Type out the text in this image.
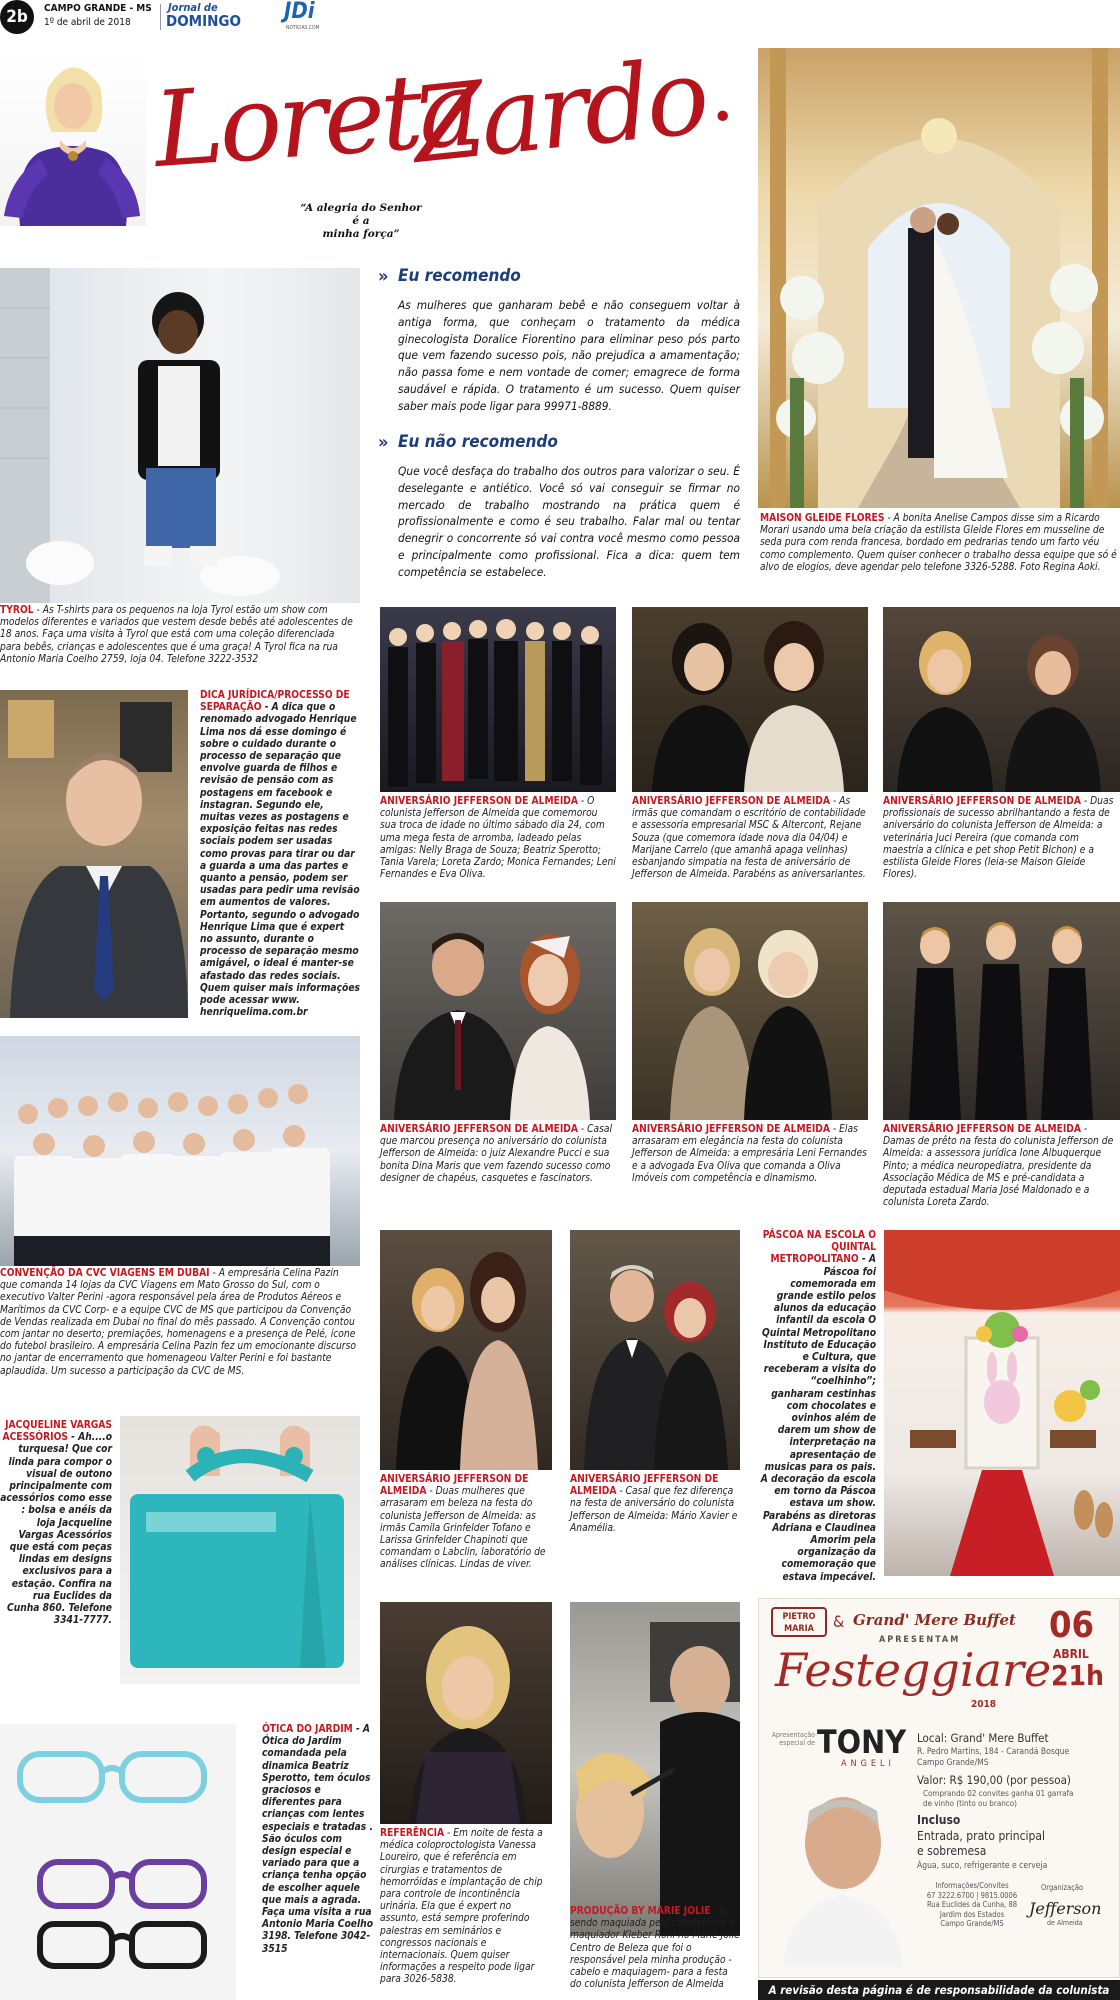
2b	CAMPO GRANDE - MS
1º de abril de 2018
Jornal de
DOMINGO JDi
NOTICIAS.COM
Loreta
Zardo .
“A alegria do Senhor é a
minha força”
» Eu recomendo
As mulheres que ganharam bebê e não conseguem voltar à antiga forma, que conheçam o tratamento da médica ginecologista Doralice Fiorentino para eliminar peso pós parto que vem fazendo sucesso pois, não prejudica a amamentação; não passa fome e nem vontade de comer; emagrece de forma saudável e rápida. O tratamento é um sucesso. Quem quiser saber mais pode ligar para 99971-8889.
» Eu não recomendo
Que você desfaça do trabalho dos outros para valorizar o seu. É deselegante e antiético. Você só vai conseguir se firmar no mercado de trabalho mostrando na prática quem é profissionalmente e como é seu trabalho. Falar mal ou tentar denegrir o concorrente só vai contra você mesmo como pessoa e principalmente como profissional. Fica a dica: quem tem competência se estabelece.
TYROL - As T-shirts para os pequenos na loja Tyrol estão um show com modelos diferentes e variados que vestem desde bebês até adolescentes de 18 anos. Faça uma visita à Tyrol que está com uma coleção diferenciada para bebês, crianças e adolescentes que é uma graça! A Tyrol fica na rua Antonio Maria Coelho 2759, loja 04. Telefone 3222-3532
MAISON GLEIDE FLORES - A bonita Anelise Campos disse sim a Ricardo Morari usando uma bela criação da estilista Gleide Flores em musseline de seda pura com renda francesa, bordado em pedrarias tendo um farto véu como complemento. Quem quiser conhecer o trabalho dessa equipe que só é alvo de elogios, deve agendar pelo telefone 3326-5288. Foto Regina Aoki.
DICA JURÍDICA/PROCESSO DE SEPARAÇÃO - A dica que o renomado advogado Henrique Lima nos dá esse domingo é sobre o cuidado durante o processo de separação que envolve guarda de filhos e revisão de pensão com as postagens em facebook e instagran. Segundo ele, muitas vezes as postagens e exposição feitas nas redes sociais podem ser usadas como provas para tirar ou dar a guarda a uma das partes e quanto a pensão, podem ser usadas para pedir uma revisão em aumentos de valores. Portanto, segundo o advogado Henrique Lima que é expert no assunto, durante o processo de separação mesmo amigável, o ideal é manter-se afastado das redes sociais. Quem quiser mais informações pode acessar www. henriquelima.com.br
ANIVERSÁRIO JEFFERSON DE ALMEIDA - O colunista Jefferson de Almeida que comemorou sua troca de idade no último sábado dia 24, com uma mega festa de arromba, ladeado pelas amigas: Nelly Braga de Souza; Beatriz Sperotto; Tania Varela; Loreta Zardo; Monica Fernandes; Leni Fernandes e Eva Oliva.
ANIVERSÁRIO JEFFERSON DE ALMEIDA - As irmãs que comandam o escritório de contabilidade e assessoria empresarial MSC & Altercont, Rejane Souza (que comemora idade nova dia 04/04) e Marijane Carrelo (que amanhã apaga velinhas) esbanjando simpatia na festa de aniversário de Jefferson de Almeida. Parabéns as aniversariantes.
ANIVERSÁRIO JEFFERSON DE ALMEIDA - Duas profissionais de sucesso abrilhantando a festa de aniversário do colunista Jefferson de Almeida: a veterinária Juci Pereira (que comanda com maestria a clínica e pet shop Petit Bichon) e a estilista Gleide Flores (leia-se Maison Gleide Flores).
ANIVERSÁRIO JEFFERSON DE ALMEIDA - Casal que marcou presença no aniversário do colunista Jefferson de Almeida: o juiz Alexandre Pucci e sua bonita Dina Maris que vem fazendo sucesso como designer de chapéus, casquetes e fascinators.
ANIVERSÁRIO JEFFERSON DE ALMEIDA - Elas arrasaram em elegância na festa do colunista Jefferson de Almeida: a empresária Leni Fernandes e a advogada Eva Oliva que comanda a Oliva Imóveis com competência e dinamismo.
ANIVERSÁRIO JEFFERSON DE ALMEIDA - Damas de prêto na festa do colunista Jefferson de Almeida: a assessora jurídica Ione Albuquerque Pinto; a médica neuropediatra, presidente da Associação Médica de MS e pré-candidata a deputada estadual Maria José Maldonado e a colunista Loreta Zardo.
CONVENÇÃO DA CVC VIAGENS EM DUBAI - A empresária Celina Pazin que comanda 14 lojas da CVC Viagens em Mato Grosso do Sul, com o executivo Valter Perini -agora responsável pela área de Produtos Aéreos e Marítimos da CVC Corp- e a equipe CVC de MS que participou da Convenção de Vendas realizada em Dubai no final do mês passado. A Convenção contou com jantar no deserto; premiações, homenagens e a presença de Pelé, ícone do futebol brasileiro. A empresária Celina Pazin fez um emocionante discurso no jantar de encerramento que homenageou Valter Perini e foi bastante aplaudida. Um sucesso a participação da CVC de MS.
ANIVERSÁRIO JEFFERSON DE ALMEIDA - Duas mulheres que arrasaram em beleza na festa do colunista Jefferson de Almeida: as irmãs Camila Grinfelder Tofano e Larissa Grinfelder Chapinoti que comandam o Labclin, laboratório de análises clínicas. Lindas de viver.
ANIVERSÁRIO JEFFERSON DE ALMEIDA - Casal que fez diferença na festa de aniversário do colunista Jefferson de Almeida: Mário Xavier e Anamélia.
PÁSCOA NA ESCOLA O QUINTAL METROPOLITANO - A Páscoa foi comemorada em grande estilo pelos alunos da educação infantil da escola O Quintal Metropolitano Instituto de Educação e Cultura, que receberam a visita do “coelhinho”; ganharam cestinhas com chocolates e ovinhos além de darem um show de interpretação na apresentação de musicas para os pais. A decoração da escola em torno da Páscoa estava um show. Parabéns as diretoras Adriana e Claudinea Amorim pela organização da comemoração que estava impecável.
JACQUELINE VARGAS ACESSÓRIOS - Ah....o turquesa! Que cor linda para compor o visual de outono principalmente com acessórios como esse : bolsa e anéis da loja Jacqueline Vargas Acessórios que está com peças lindas em designs exclusivos para a estação. Confira na rua Euclides da Cunha 860. Telefone 3341-7777.
ÓTICA DO JARDIM - A Ótica do Jardim comandada pela dinamica Beatriz Sperotto, tem óculos graciosos e diferentes para crianças com lentes especiais e tratadas . São óculos com design especial e variado para que a criança tenha opção de escolher aquele que mais a agrada. Faça uma visita a rua Antonio Maria Coelho 3198. Telefone 3042-3515
REFERÊNCIA - Em noite de festa a médica coloproctologista Vanessa Loureiro, que é referência em cirurgias e tratamentos de hemorróidas e implantação de chip para controle de incontinência urinária. Ela que é expert no assunto, está sempre proferindo palestras em seminários e congressos nacionais e internacionais. Quem quiser informações a respeito pode ligar para 3026-5838.
PRODUÇÃO BY MARIE JOLIE - Eu sendo maquiada pelo cabeleireiro e maquiador Kleber Roni no Marie Jolie Centro de Beleza que foi o responsável pela minha produção -cabelo e maquiagem- para a festa do colunista Jefferson de Almeida
PIETRO
MARIA	& Grand' Mere Buffet
APRESENTAM
Festeggiare
2018
06
ABRIL
21h
Apresentação especial de TONY
ANGELI
Local: Grand' Mere Buffet
R. Pedro Martins, 184 - Carandá Bosque
Campo Grande/MS
Valor: R$ 190,00 (por pessoa)
Comprando 02 convites ganha 01 garrafa
de vinho (tinto ou branco)
Incluso
Entrada, prato principal
e sobremesa
Água, suco, refrigerante e cerveja
Informações/Convites
67 3222.6700 | 9815.0006
Rua Euclides da Cunha, 88
Jardim dos Estados
Campo Grande/MS
Organização
Jefferson
de Almeida
A revisão desta página é de responsabilidade da colunista
